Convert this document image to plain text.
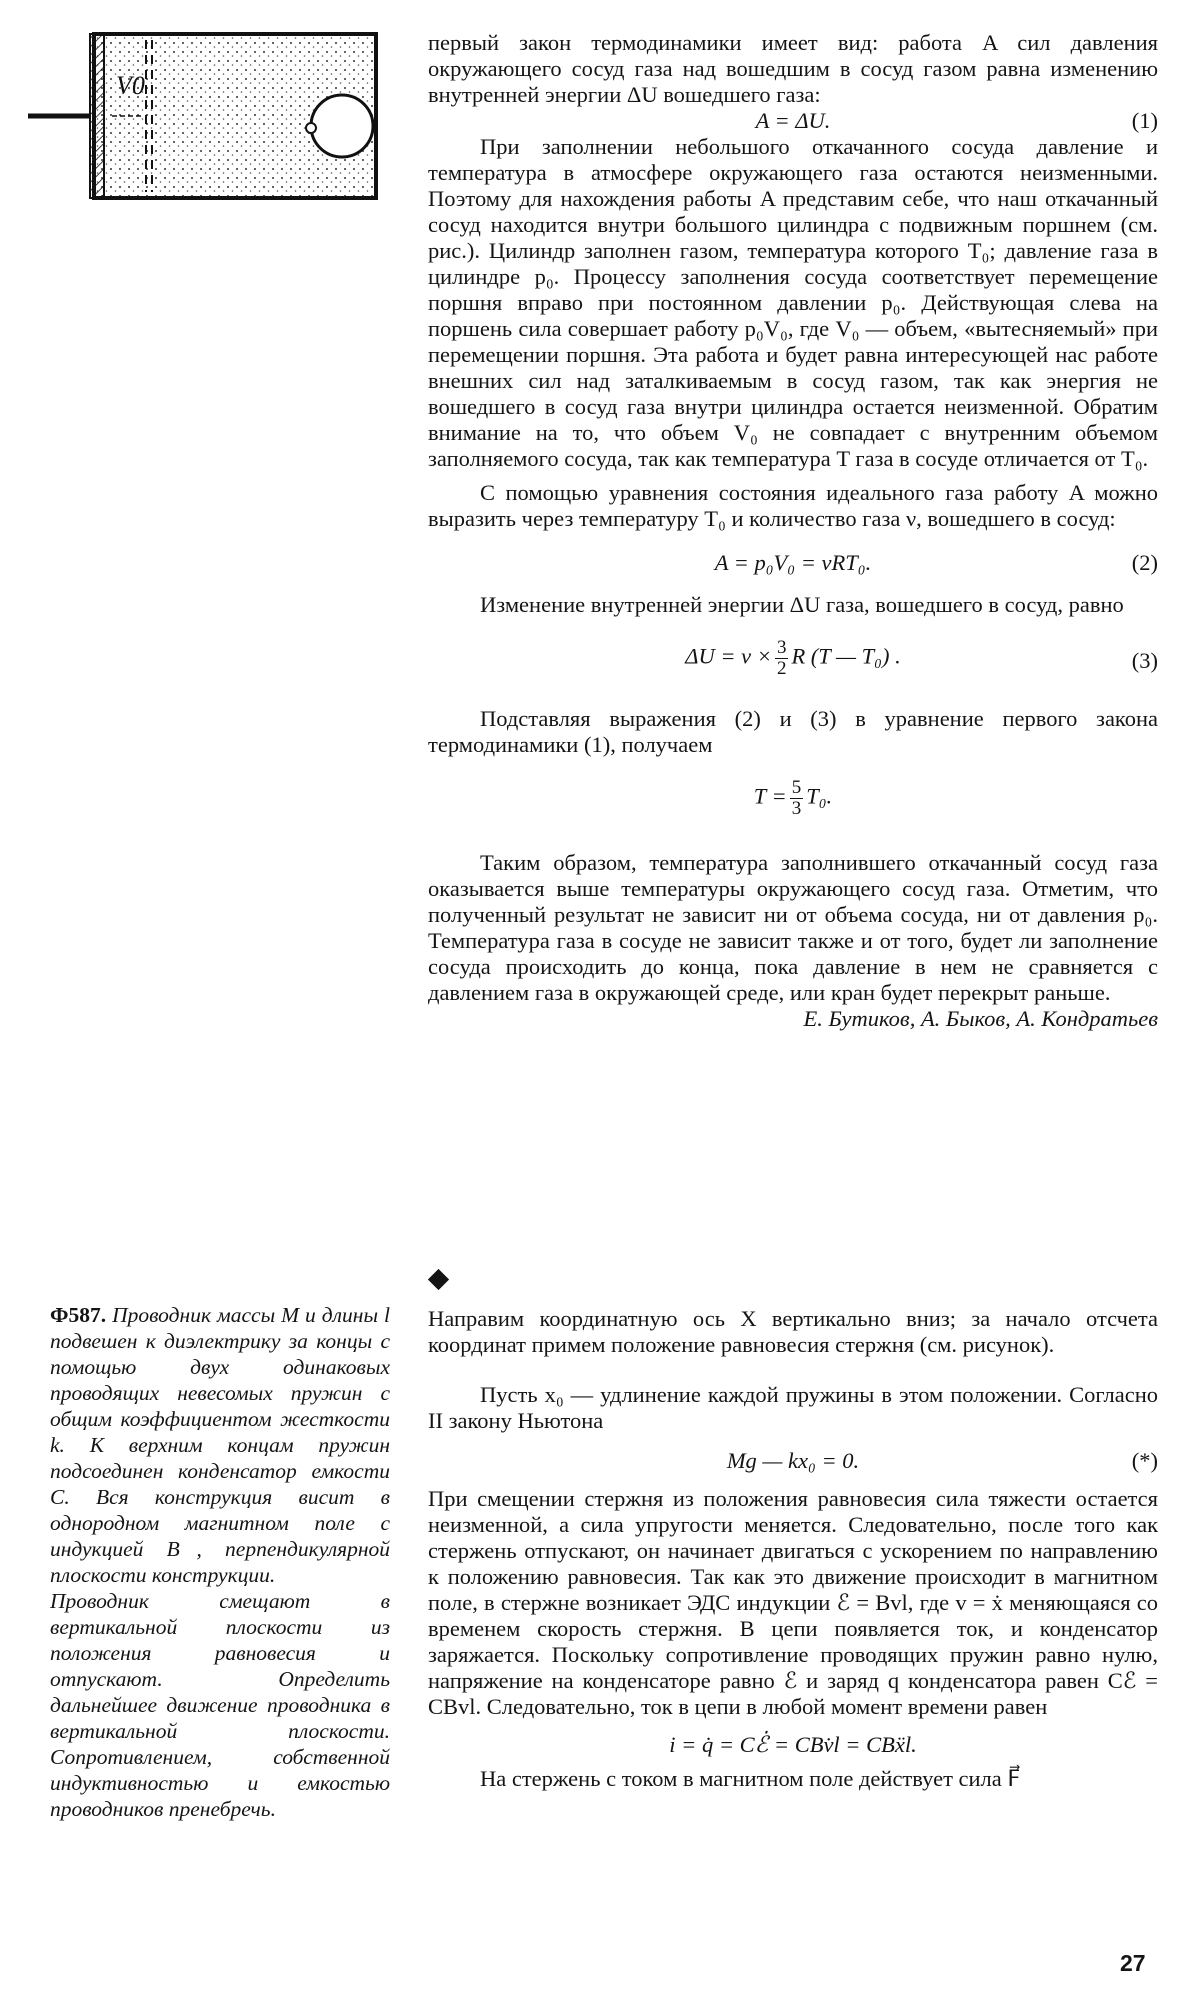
V0

первый закон термодинамики имеет вид: работа A сил давления окружающего сосуд газа над вошедшим в сосуд газом равна изменению внутренней энергии ΔU вошедшего газа:

A = ΔU.	(1)

При заполнении небольшого откачанного сосуда давление и температура в атмосфере окружающего газа остаются неизменными. Поэтому для нахождения работы A представим себе, что наш откачанный сосуд находится внутри большого цилиндра с подвижным поршнем (см. рис.). Цилиндр заполнен газом, температура которого T₀; давление газа в цилиндре p₀. Процессу заполнения сосуда соответствует перемещение поршня вправо при постоянном давлении p₀. Действующая слева на поршень сила совершает работу p₀V₀, где V₀ — объем, «вытесняемый» при перемещении поршня. Эта работа и будет равна интересующей нас работе внешних сил над заталкиваемым в сосуд газом, так как энергия не вошедшего в сосуд газа внутри цилиндра остается неизменной. Обратим внимание на то, что объем V₀ не совпадает с внутренним объемом заполняемого сосуда, так как температура T газа в сосуде отличается от T₀.

С помощью уравнения состояния идеального газа работу A можно выразить через температуру T₀ и количество газа ν, вошедшего в сосуд:

A = p₀V₀ = νRT₀.	(2)

Изменение внутренней энергии ΔU газа, вошедшего в сосуд, равно

$\Delta U = \nu \times \frac{3}{2}$ R (T — T₀) .	(3)

Подставляя выражения (2) и (3) в уравнение первого закона термодинамики (1), получаем

$T = \frac{5}{3} T_0$.

Таким образом, температура заполнившего откачанный сосуд газа оказывается выше температуры окружающего сосуд газа. Отметим, что полученный результат не зависит ни от объема сосуда, ни от давления p₀. Температура газа в сосуде не зависит также и от того, будет ли заполнение сосуда происходить до конца, пока давление в нем не сравняется с давлением газа в окружающей среде, или кран будет перекрыт раньше.

Е. Бутиков, А. Быков, А. Кондратьев

Ф587. Проводник массы M и длины l подвешен к диэлектрику за концы с помощью двух одинаковых проводящих невесомых пружин с общим коэффициентом жесткости k. К верхним концам пружин подсоединен конденсатор емкости C. Вся конструкция висит в однородном магнитном поле с индукцией B⃗, перпендикулярной плоскости конструкции.

Проводник смещают в вертикальной плоскости из положения равновесия и отпускают. Определить дальнейшее движение проводника в вертикальной плоскости. Сопротивлением, собственной индуктивностью и емкостью проводников пренебречь.

Направим координатную ось X вертикально вниз; за начало отсчета координат примем положение равновесия стержня (см. рисунок).

Пусть x₀ — удлинение каждой пружины в этом положении. Согласно II закону Ньютона

Mg — kx₀ = 0.	(*)

При смещении стержня из положения равновесия сила тяжести остается неизменной, а сила упругости меняется. Следовательно, после того как стержень отпускают, он начинает двигаться с ускорением по направлению к положению равновесия. Так как это движение происходит в магнитном поле, в стержне возникает ЭДС индукции ℰ = Bvl, где v = ẋ меняющаяся со временем скорость стержня. В цепи появляется ток, и конденсатор заряжается. Поскольку сопротивление проводящих пружин равно нулю, напряжение на конденсаторе равно ℰ и заряд q конденсатора равен Cℰ = CBvl. Следовательно, ток в цепи в любой момент времени равен

i = q̇ = Cℰ̇ = CBv̇l = CBẍl.

На стержень с током в магнитном поле действует сила F⃗

27
